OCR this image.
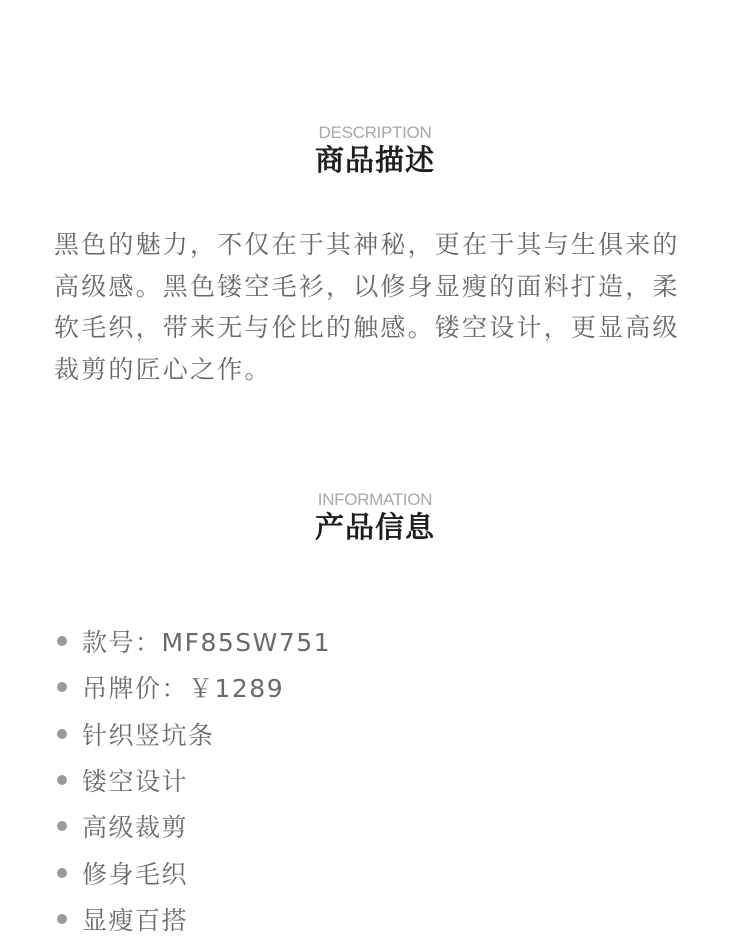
DESCRIPTION
商品描述

黑色的魅力，不仅在于其神秘，更在于其与生俱来的高级感。黑色镂空毛衫，以修身显瘦的面料打造，柔软毛织，带来无与伦比的触感。镂空设计，更显高级裁剪的匠心之作。

INFORMATION
产品信息
款号：MF85SW751
吊牌价：￥1289
针织竖坑条
镂空设计
高级裁剪
修身毛织
显瘦百搭
